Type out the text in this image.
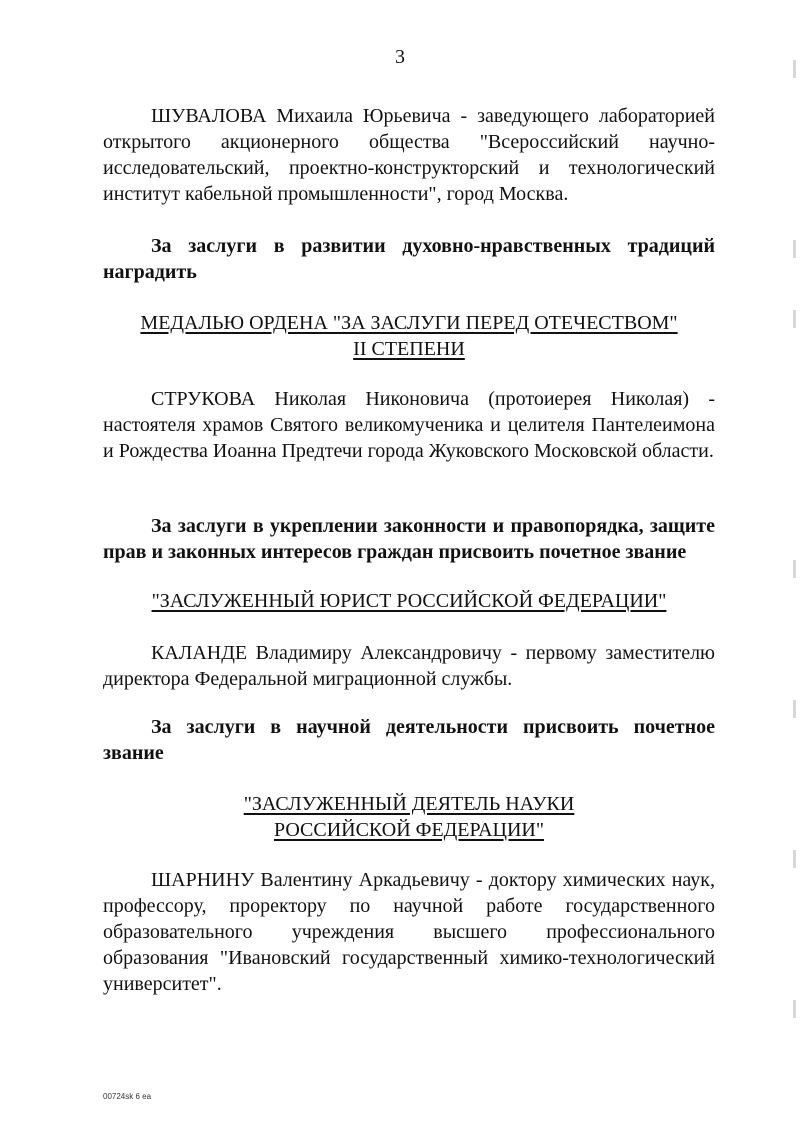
3
ШУВАЛОВА Михаила Юрьевича - заведующего лабораторией открытого акционерного общества "Всероссийский научно-исследовательский, проектно-конструкторский и технологический институт кабельной промышленности", город Москва.
За заслуги в развитии духовно-нравственных традиций наградить
МЕДАЛЬЮ ОРДЕНА "ЗА ЗАСЛУГИ ПЕРЕД ОТЕЧЕСТВОМ"
II СТЕПЕНИ
СТРУКОВА Николая Никоновича (протоиерея Николая) - настоятеля храмов Святого великомученика и целителя Пантелеимона и Рождества Иоанна Предтечи города Жуковского Московской области.
За заслуги в укреплении законности и правопорядка, защите прав и законных интересов граждан присвоить почетное звание
"ЗАСЛУЖЕННЫЙ ЮРИСТ РОССИЙСКОЙ ФЕДЕРАЦИИ"
КАЛАНДЕ Владимиру Александровичу - первому заместителю директора Федеральной миграционной службы.
За заслуги в научной деятельности присвоить почетное звание
"ЗАСЛУЖЕННЫЙ ДЕЯТЕЛЬ НАУКИ
РОССИЙСКОЙ ФЕДЕРАЦИИ"
ШАРНИНУ Валентину Аркадьевичу - доктору химических наук, профессору, проректору по научной работе государственного образовательного учреждения высшего профессионального образования "Ивановский государственный химико-технологический университет".
00724sk 6 ea
